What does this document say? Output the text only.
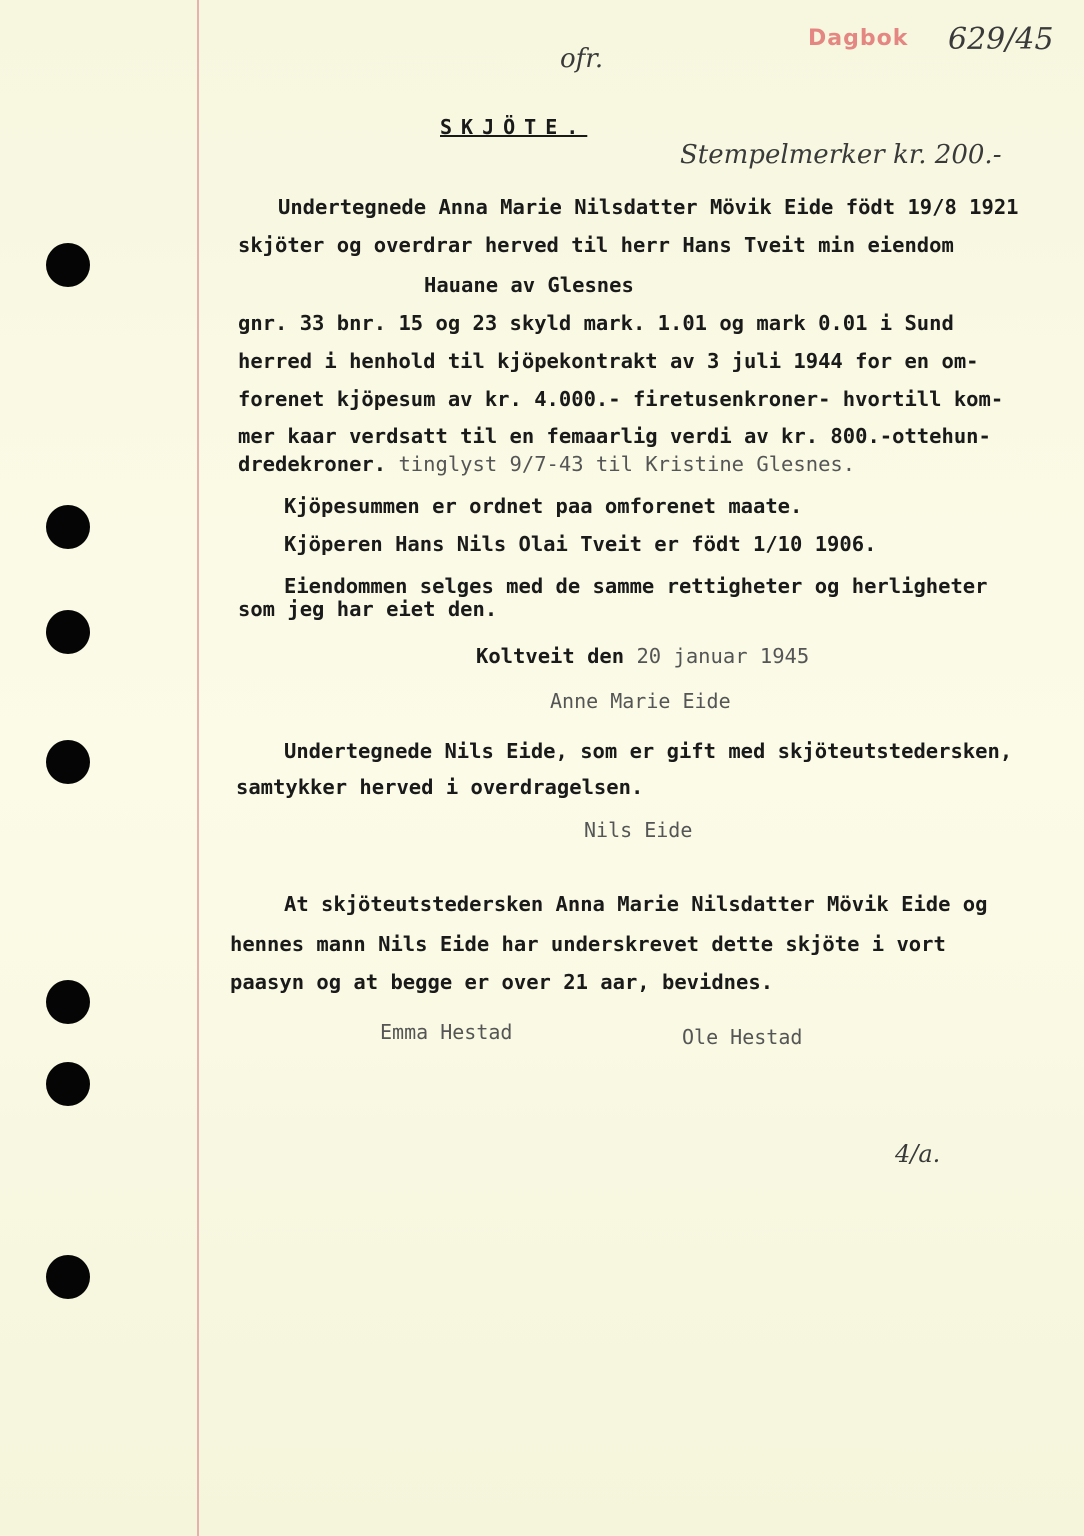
Dagbok 629/45
ofr.
Stempelmerker kr. 200.-
SKJÖTE.
Undertegnede Anna Marie Nilsdatter Mövik Eide födt 19/8 1921
skjöter og overdrar herved til herr Hans Tveit min eiendom
Hauane av Glesnes
gnr. 33 bnr. 15 og 23 skyld mark. 1.01 og mark 0.01 i Sund
herred i henhold til kjöpekontrakt av 3 juli 1944 for en om-
forenet kjöpesum av kr. 4.000.- firetusenkroner- hvortill kom-
mer kaar verdsatt til en femaarlig verdi av kr. 800.-ottehun-
dredekroner. tinglyst 9/7-43 til Kristine Glesnes.
Kjöpesummen er ordnet paa omforenet maate.
Kjöperen Hans Nils Olai Tveit er födt 1/10 1906.
Eiendommen selges med de samme rettigheter og herligheter
som jeg har eiet den.
Koltveit den 20 januar 1945
Anne Marie Eide
Undertegnede Nils Eide, som er gift med skjöteutstedersken,
samtykker herved i overdragelsen.
Nils Eide
At skjöteutstedersken Anna Marie Nilsdatter Mövik Eide og
hennes mann Nils Eide har underskrevet dette skjöte i vort
paasyn og at begge er over 21 aar, bevidnes.
Emma Hestad	Ole Hestad
4/a.
